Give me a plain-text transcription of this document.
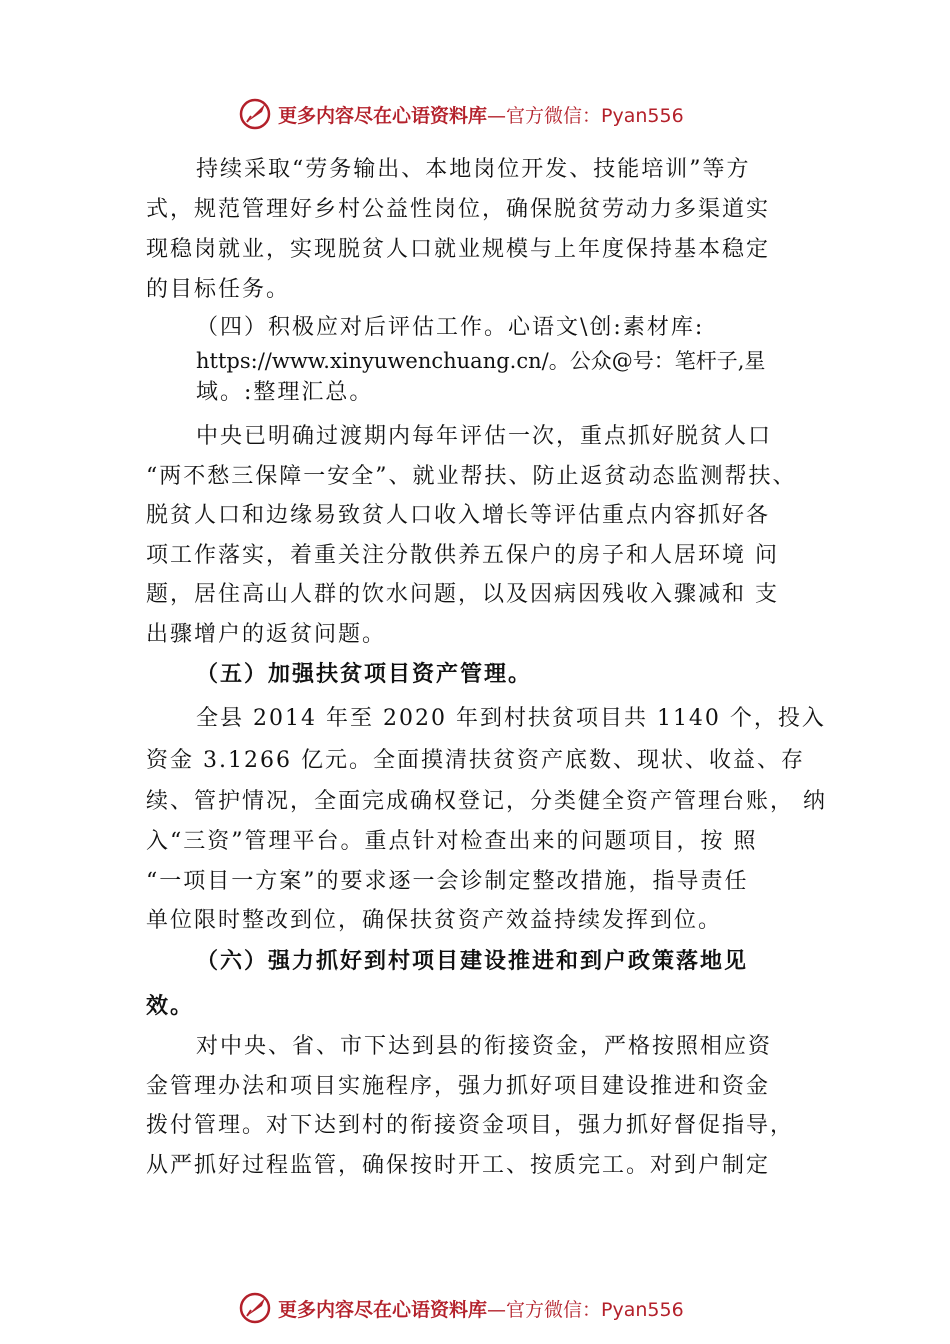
更多内容尽在心语资料库 —官方微信：Pyan556
持续采取“劳务输出、本地岗位开发、技能培训”等方
式，规范管理好乡村公益性岗位，确保脱贫劳动力多渠道实
现稳岗就业，实现脱贫人口就业规模与上年度保持基本稳定
的目标任务。
（四）积极应对后评估工作。心语文\创:素材库:
https://www.xinyuwenchuang.cn/。公众@号：笔杆子,星
域。:整理汇总。
中央已明确过渡期内每年评估一次，重点抓好脱贫人口
“两不愁三保障一安全”、就业帮扶、防止返贫动态监测帮扶、
脱贫人口和边缘易致贫人口收入增长等评估重点内容抓好各
项工作落实，着重关注分散供养五保户的房子和人居环境 问
题，居住高山人群的饮水问题，以及因病因残收入骤减和 支
出骤增户的返贫问题。
（五）加强扶贫项目资产管理。
全县 2014 年至 2020 年到村扶贫项目共 1140 个，投入
资金 3.1266 亿元。全面摸清扶贫资产底数、现状、收益、存
续、管护情况，全面完成确权登记，分类健全资产管理台账， 纳
入“三资”管理平台。重点针对检查出来的问题项目，按 照
“一项目一方案”的要求逐一会诊制定整改措施，指导责任
单位限时整改到位，确保扶贫资产效益持续发挥到位。
（六）强力抓好到村项目建设推进和到户政策落地见
效。
对中央、省、市下达到县的衔接资金，严格按照相应资
金管理办法和项目实施程序，强力抓好项目建设推进和资金
拨付管理。对下达到村的衔接资金项目，强力抓好督促指导，
从严抓好过程监管，确保按时开工、按质完工。对到户制定
更多内容尽在心语资料库 —官方微信：Pyan556
